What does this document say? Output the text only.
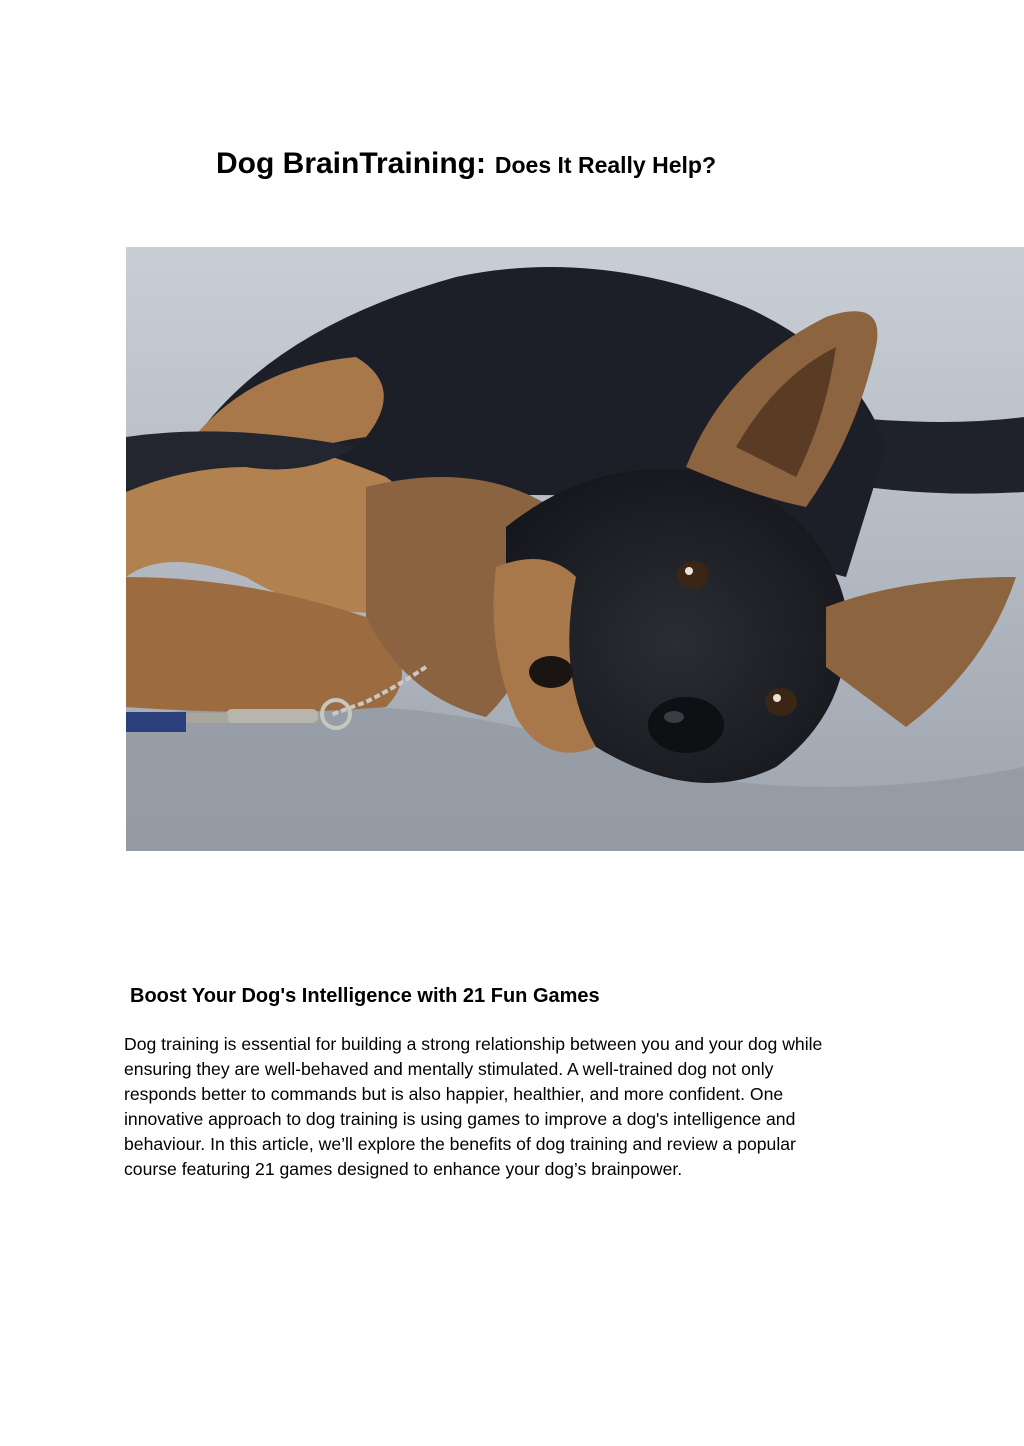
Dog BrainTraining: Does It Really Help?
Boost Your Dog's Intelligence with 21 Fun Games

Dog training is essential for building a strong relationship between you and your dog while
ensuring they are well-behaved and mentally stimulated. A well-trained dog not only
responds better to commands but is also happier, healthier, and more confident. One
innovative approach to dog training is using games to improve a dog's intelligence and
behaviour. In this article, we’ll explore the benefits of dog training and review a popular
course featuring 21 games designed to enhance your dog’s brainpower.
